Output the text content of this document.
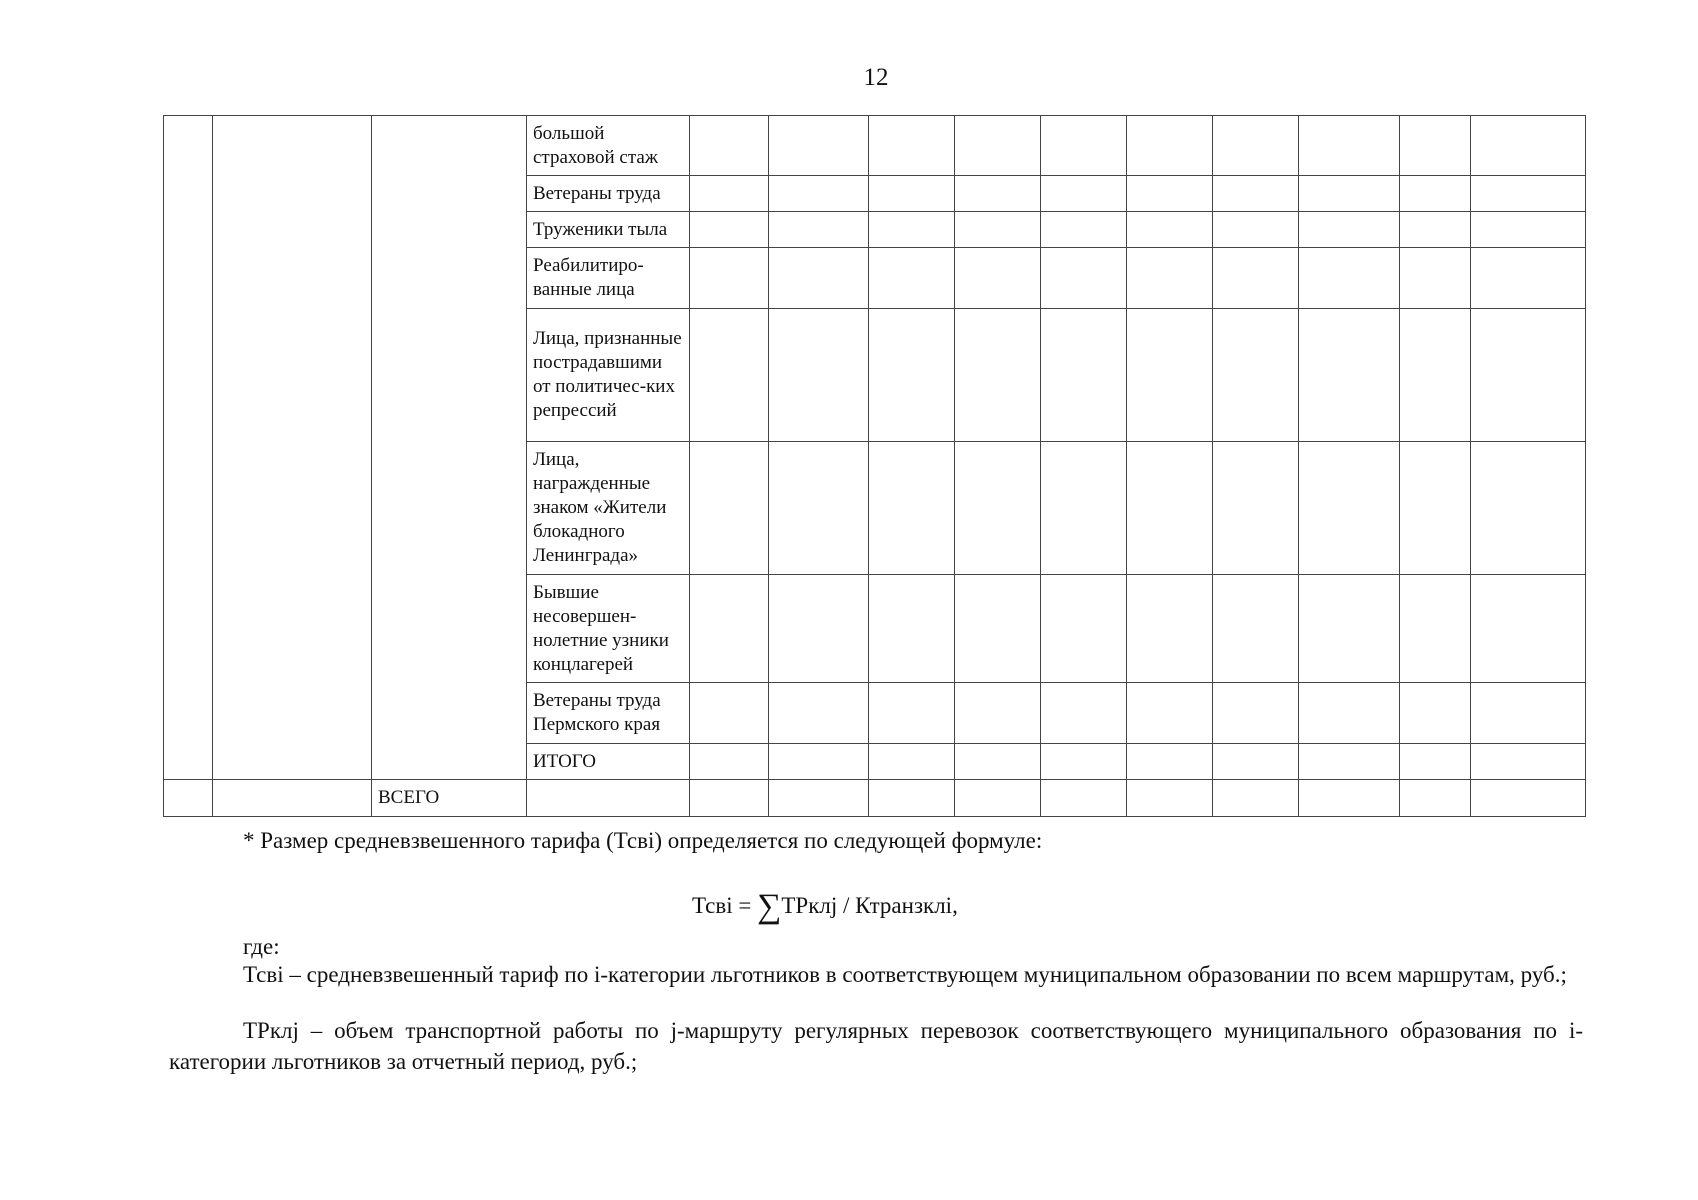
12
			большой страховой стаж										
			Ветераны труда										
			Труженики тыла										
			Реабилитиро-ванные лица										
			Лица, признанные пострадавшими от политичес-ких репрессий										
			Лица, награжденные знаком «Жители блокадного Ленинграда»										
			Бывшие несовершен-нолетние узники концлагерей										
			Ветераны труда Пермского края										
			ИТОГО										
		ВСЕГО											
* Размер средневзвешенного тарифа (Тсвi) определяется по следующей формуле:
Тсвi = ∑ТРклj / Ктранзклi,
где:
Тсвi – средневзвешенный тариф по i-категории льготников в соответствующем муниципальном образовании по всем маршрутам, руб.;
ТРклj – объем транспортной работы по j-маршруту регулярных перевозок соответствующего муниципального образования по i-категории льготников за отчетный период, руб.;
